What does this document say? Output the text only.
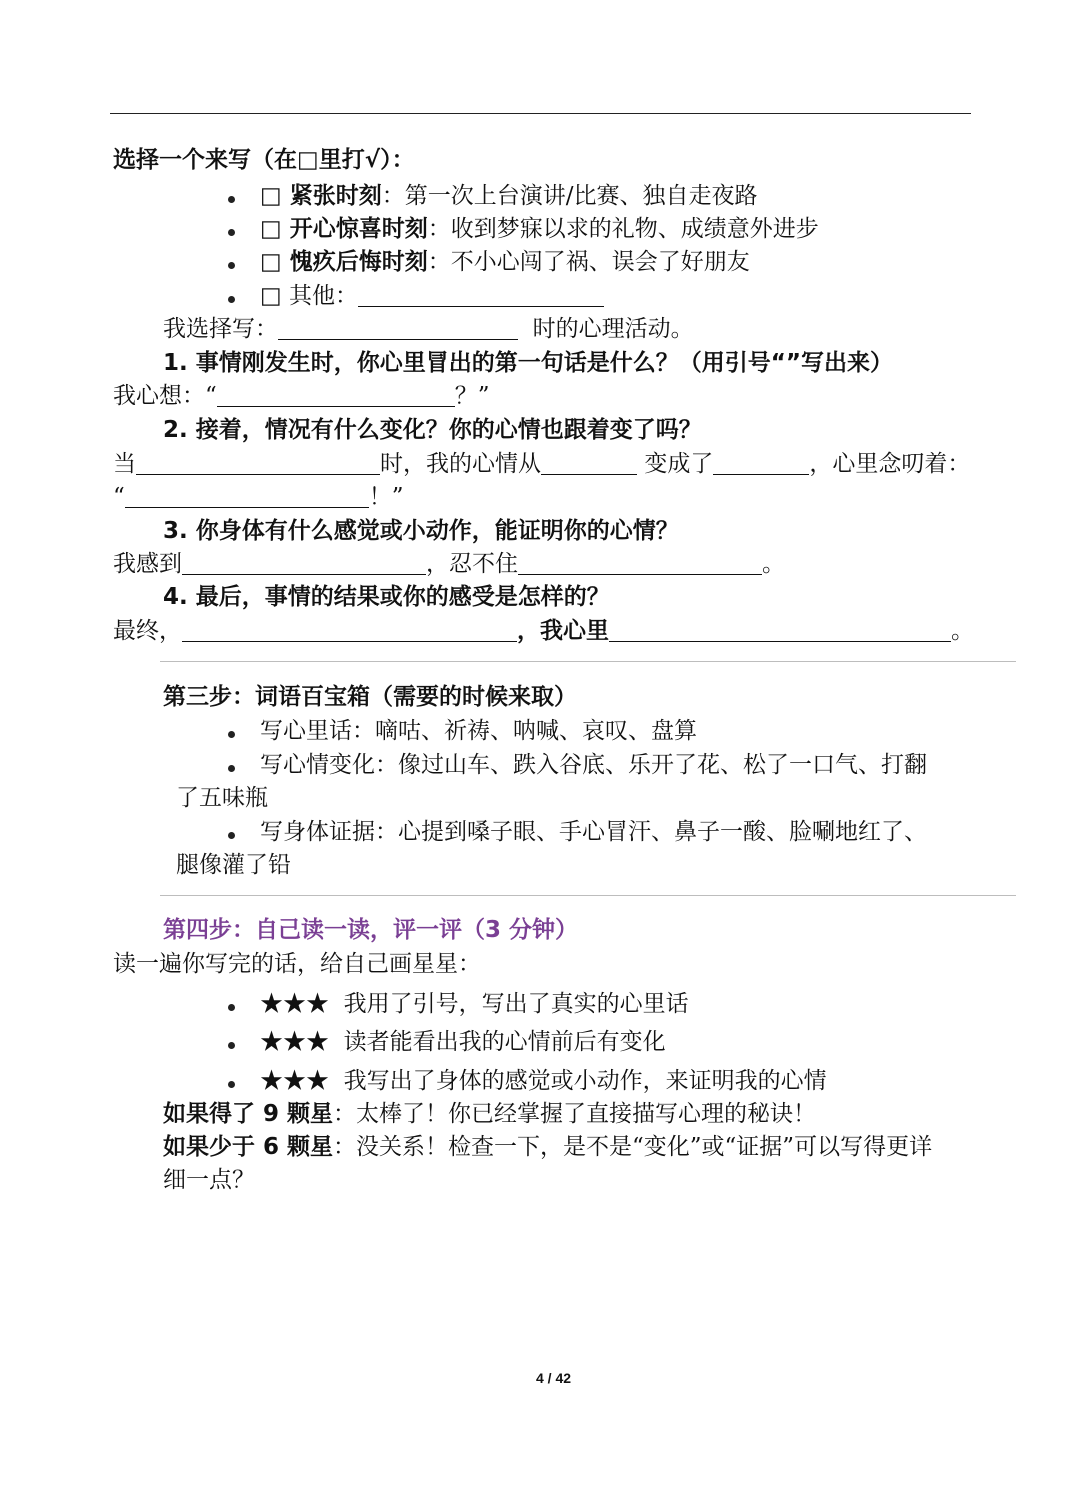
选择一个来写（在□里打√）：
□ 紧张时刻：第一次上台演讲/比赛、独自走夜路
□ 开心惊喜时刻：收到梦寐以求的礼物、成绩意外进步
□ 愧疚后悔时刻：不小心闯了祸、误会了好朋友
□ 其他：
我选择写：	时的心理活动。
1. 事情刚发生时，你心里冒出的第一句话是什么？（用引号“”写出来）
我心想：“	？”
2. 接着，情况有什么变化？你的心情也跟着变了吗？
当	时，我的心情从	变成了	，心里念叨着：
“	！”
3. 你身体有什么感觉或小动作，能证明你的心情？
我感到	，忍不住	。
4. 最后，事情的结果或你的感受是怎样的？
最终，	，我心里	。
第三步：词语百宝箱（需要的时候来取）
写心里话：嘀咕、祈祷、呐喊、哀叹、盘算
写心情变化：像过山车、跌入谷底、乐开了花、松了一口气、打翻
了五味瓶
写身体证据：心提到嗓子眼、手心冒汗、鼻子一酸、脸唰地红了、
腿像灌了铅
第四步：自己读一读，评一评（3 分钟）
读一遍你写完的话，给自己画星星：
★★★ 我用了引号，写出了真实的心里话
★★★ 读者能看出我的心情前后有变化
★★★ 我写出了身体的感觉或小动作，来证明我的心情
如果得了 9 颗星：太棒了！你已经掌握了直接描写心理的秘诀！
如果少于 6 颗星：没关系！检查一下，是不是“变化”或“证据”可以写得更详
细一点？
4 / 42
